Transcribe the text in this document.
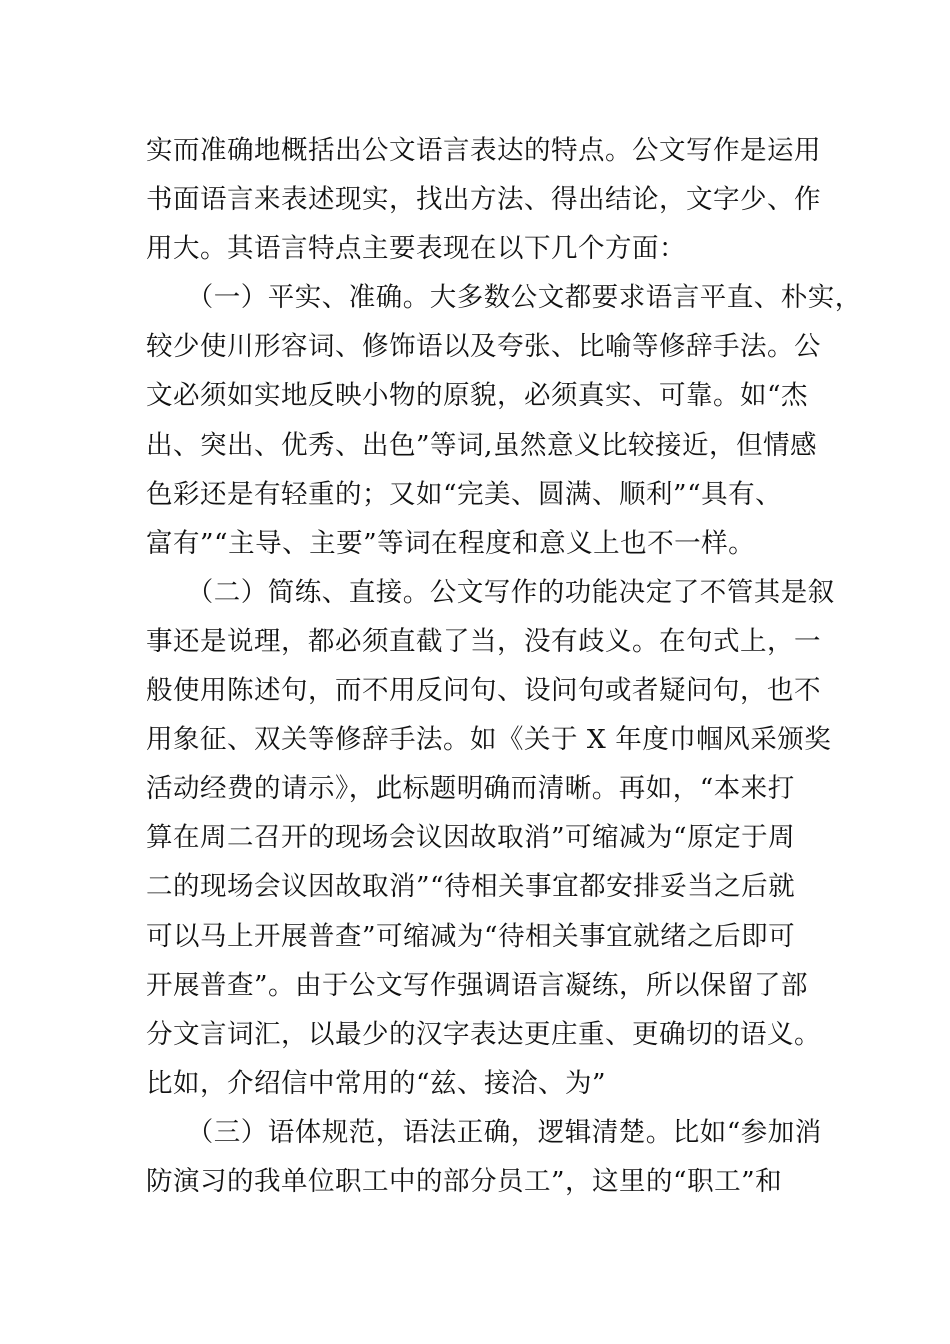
实而准确地概括出公文语言表达的特点。公文写作是运用
书面语言来表述现实，找出方法、得出结论，文字少、作
用大。其语言特点主要表现在以下几个方面：
　　（一）平实、准确。大多数公文都要求语言平直、朴实，
较少使川形容词、修饰语以及夸张、比喻等修辞手法。公
文必须如实地反映小物的原貌，必须真实、可靠。如“杰
出、突出、优秀、出色”等词,虽然意义比较接近，但情感
色彩还是有轻重的；又如“完美、圆满、顺利”“具有、
富有”“主导、主要”等词在程度和意义上也不一样。
　　（二）简练、直接。公文写作的功能决定了不管其是叙
事还是说理，都必须直截了当，没有歧义。在句式上，一
般使用陈述句，而不用反问句、设问句或者疑问句，也不
用象征、双关等修辞手法。如《关于 X 年度巾帼风采颁奖
活动经费的请示》，此标题明确而清晰。再如，“本来打
算在周二召开的现场会议因故取消”可缩减为“原定于周
二的现场会议因故取消”“待相关事宜都安排妥当之后就
可以马上开展普查”可缩减为“待相关事宜就绪之后即可
开展普查”。由于公文写作强调语言凝练，所以保留了部
分文言词汇，以最少的汉字表达更庄重、更确切的语义。
比如，介绍信中常用的“兹、接洽、为”
　　（三）语体规范，语法正确，逻辑清楚。比如“参加消
防演习的我单位职工中的部分员工”，这里的“职工”和
